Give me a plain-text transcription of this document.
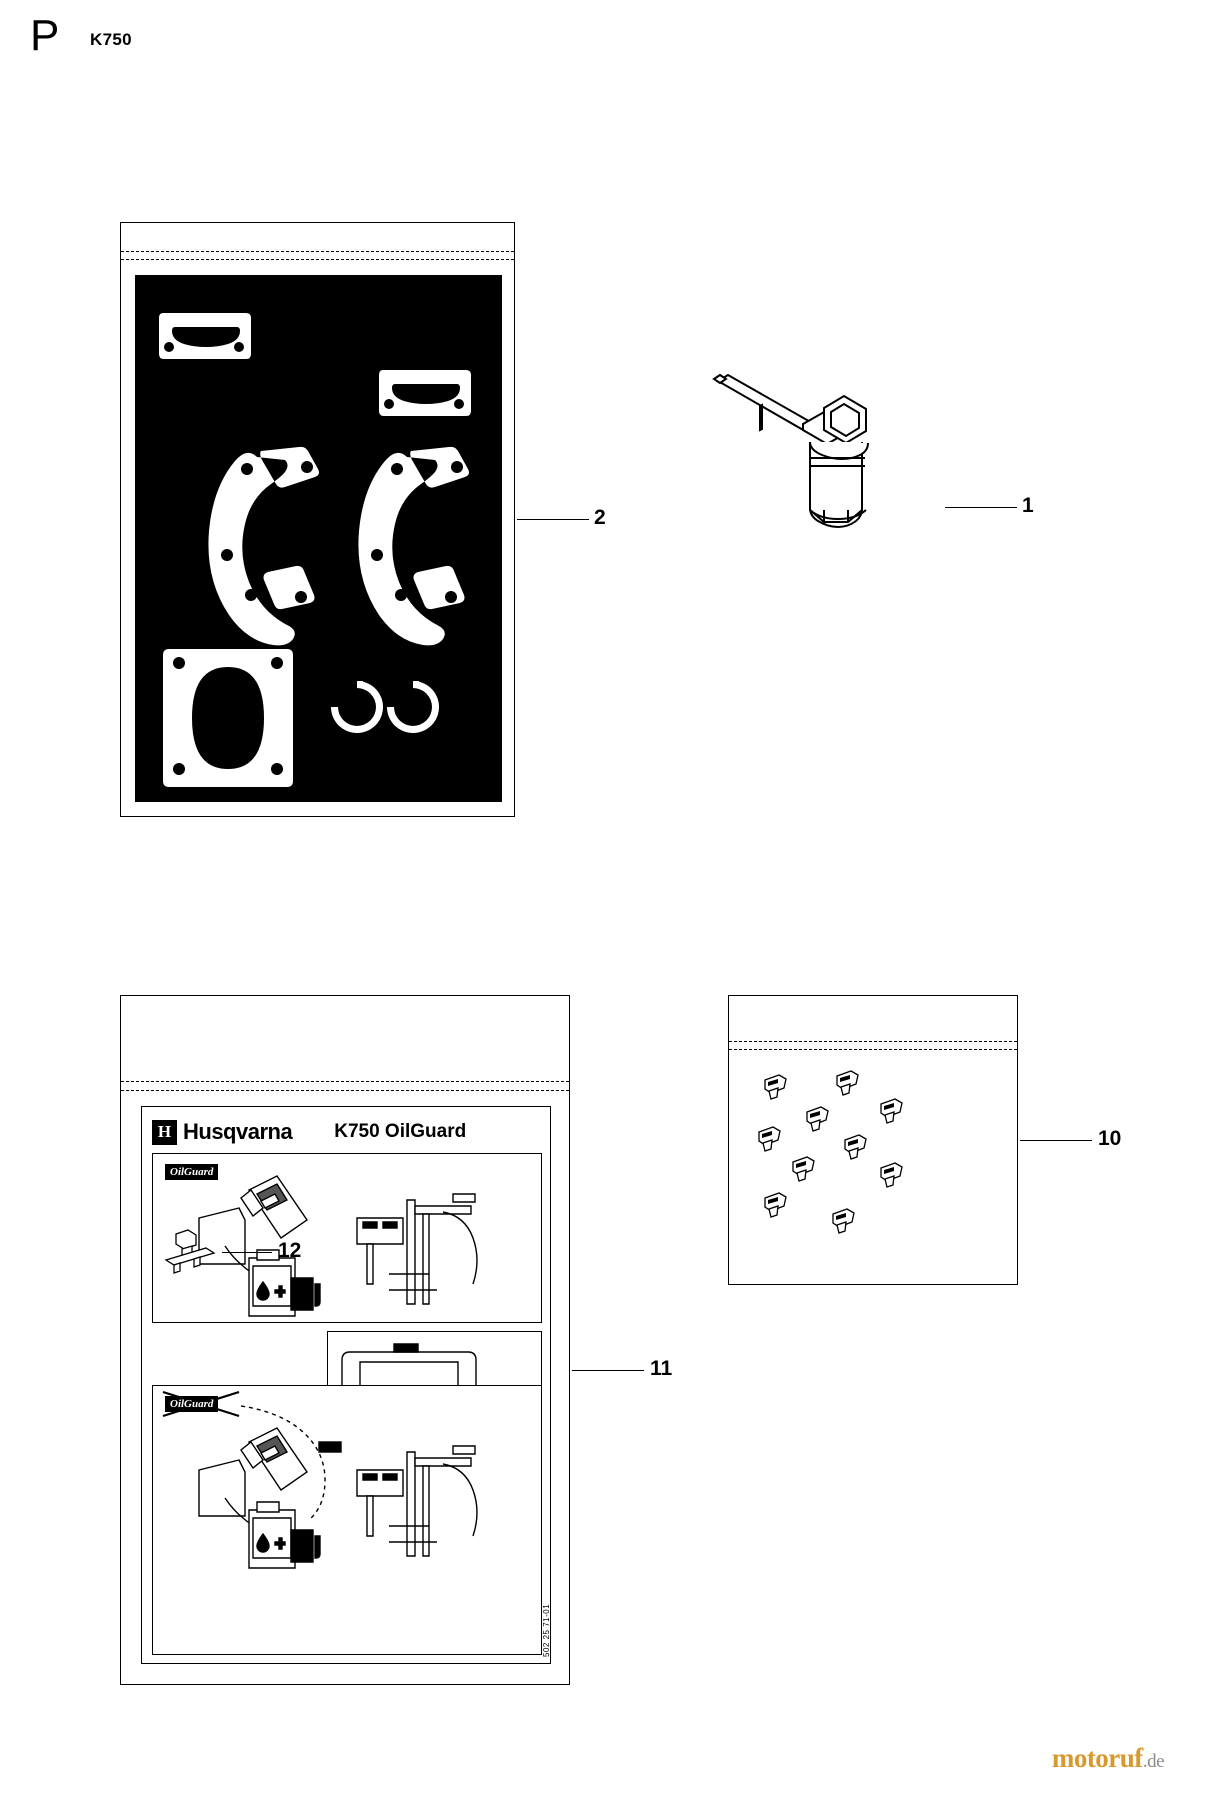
P K750
2
1
H Husqvarna K750 OilGuard
OilGuard
OilGuard
502 25 71-01
11
12
10
motoruf.de
